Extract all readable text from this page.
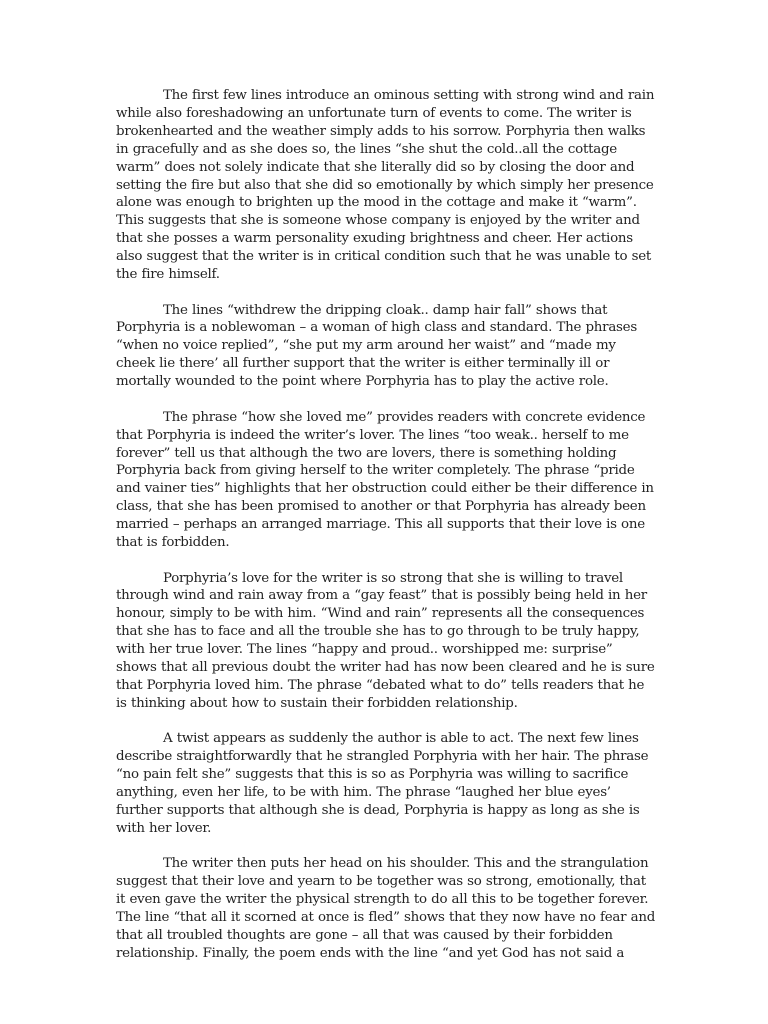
The first few lines introduce an ominous setting with strong wind and rain while also foreshadowing an unfortunate turn of events to come. The writer is brokenhearted and the weather simply adds to his sorrow. Porphyria then walks in gracefully and as she does so, the lines “she shut the cold..all the cottage warm” does not solely indicate that she literally did so by closing the door and setting the fire but also that she did so emotionally by which simply her presence alone was enough to brighten up the mood in the cottage and make it “warm”. This suggests that she is someone whose company is enjoyed by the writer and that she posses a warm personality exuding brightness and cheer. Her actions also suggest that the writer is in critical condition such that he was unable to set the fire himself.

The lines “withdrew the dripping cloak.. damp hair fall” shows that Porphyria is a noblewoman – a woman of high class and standard. The phrases “when no voice replied”, “she put my arm around her waist” and “made my cheek lie there’ all further support that the writer is either terminally ill or mortally wounded to the point where Porphyria has to play the active role.

The phrase “how she loved me” provides readers with concrete evidence that Porphyria is indeed the writer’s lover. The lines “too weak.. herself to me forever” tell us that although the two are lovers, there is something holding Porphyria back from giving herself to the writer completely. The phrase “pride and vainer ties” highlights that her obstruction could either be their difference in class, that she has been promised to another or that Porphyria has already been married – perhaps an arranged marriage. This all supports that their love is one that is forbidden.

Porphyria’s love for the writer is so strong that she is willing to travel through wind and rain away from a “gay feast” that is possibly being held in her honour, simply to be with him. “Wind and rain” represents all the consequences that she has to face and all the trouble she has to go through to be truly happy, with her true lover. The lines “happy and proud.. worshipped me: surprise” shows that all previous doubt the writer had has now been cleared and he is sure that Porphyria loved him. The phrase “debated what to do” tells readers that he is thinking about how to sustain their forbidden relationship.

A twist appears as suddenly the author is able to act. The next few lines describe straightforwardly that he strangled Porphyria with her hair. The phrase “no pain felt she” suggests that this is so as Porphyria was willing to sacrifice anything, even her life, to be with him. The phrase “laughed her blue eyes’ further supports that although she is dead, Porphyria is happy as long as she is with her lover.

The writer then puts her head on his shoulder. This and the strangulation suggest that their love and yearn to be together was so strong, emotionally, that it even gave the writer the physical strength to do all this to be together forever. The line “that all it scorned at once is fled” shows that they now have no fear and that all troubled thoughts are gone – all that was caused by their forbidden relationship. Finally, the poem ends with the line “and yet God has not said a
